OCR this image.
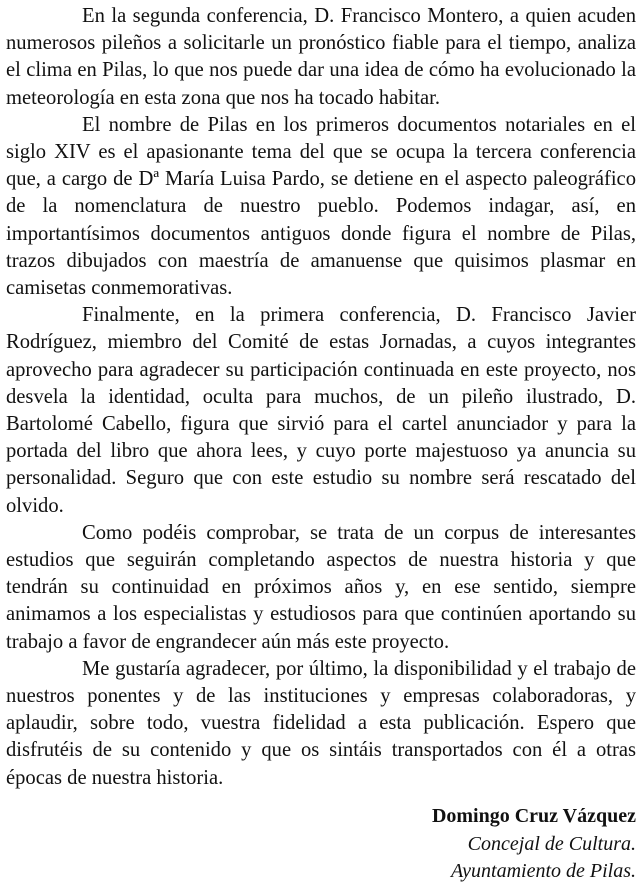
En la segunda conferencia, D. Francisco Montero, a quien acuden numerosos pileños a solicitarle un pronóstico fiable para el tiempo, analiza el clima en Pilas, lo que nos puede dar una idea de cómo ha evolucionado la meteorología en esta zona que nos ha tocado habitar.

El nombre de Pilas en los primeros documentos notariales en el siglo XIV es el apasionante tema del que se ocupa la tercera conferencia que, a cargo de Dª María Luisa Pardo, se detiene en el aspecto paleográfico de la nomenclatura de nuestro pueblo. Podemos indagar, así, en importantísimos documentos antiguos donde figura el nombre de Pilas, trazos dibujados con maestría de amanuense que quisimos plasmar en camisetas conmemorativas.

Finalmente, en la primera conferencia, D. Francisco Javier Rodríguez, miembro del Comité de estas Jornadas, a cuyos integrantes aprovecho para agradecer su participación continuada en este proyecto, nos desvela la identidad, oculta para muchos, de un pileño ilustrado, D. Bartolomé Cabello, figura que sirvió para el cartel anunciador y para la portada del libro que ahora lees, y cuyo porte majestuoso ya anuncia su personalidad. Seguro que con este estudio su nombre será rescatado del olvido.

Como podéis comprobar, se trata de un corpus de interesantes estudios que seguirán completando aspectos de nuestra historia y que tendrán su continuidad en próximos años y, en ese sentido, siempre animamos a los especialistas y estudiosos para que continúen aportando su trabajo a favor de engrandecer aún más este proyecto.

Me gustaría agradecer, por último, la disponibilidad y el trabajo de nuestros ponentes y de las instituciones y empresas colaboradoras, y aplaudir, sobre todo, vuestra fidelidad a esta publicación. Espero que disfrutéis de su contenido y que os sintáis transportados con él a otras épocas de nuestra historia.

Domingo Cruz Vázquez
Concejal de Cultura.
Ayuntamiento de Pilas.
